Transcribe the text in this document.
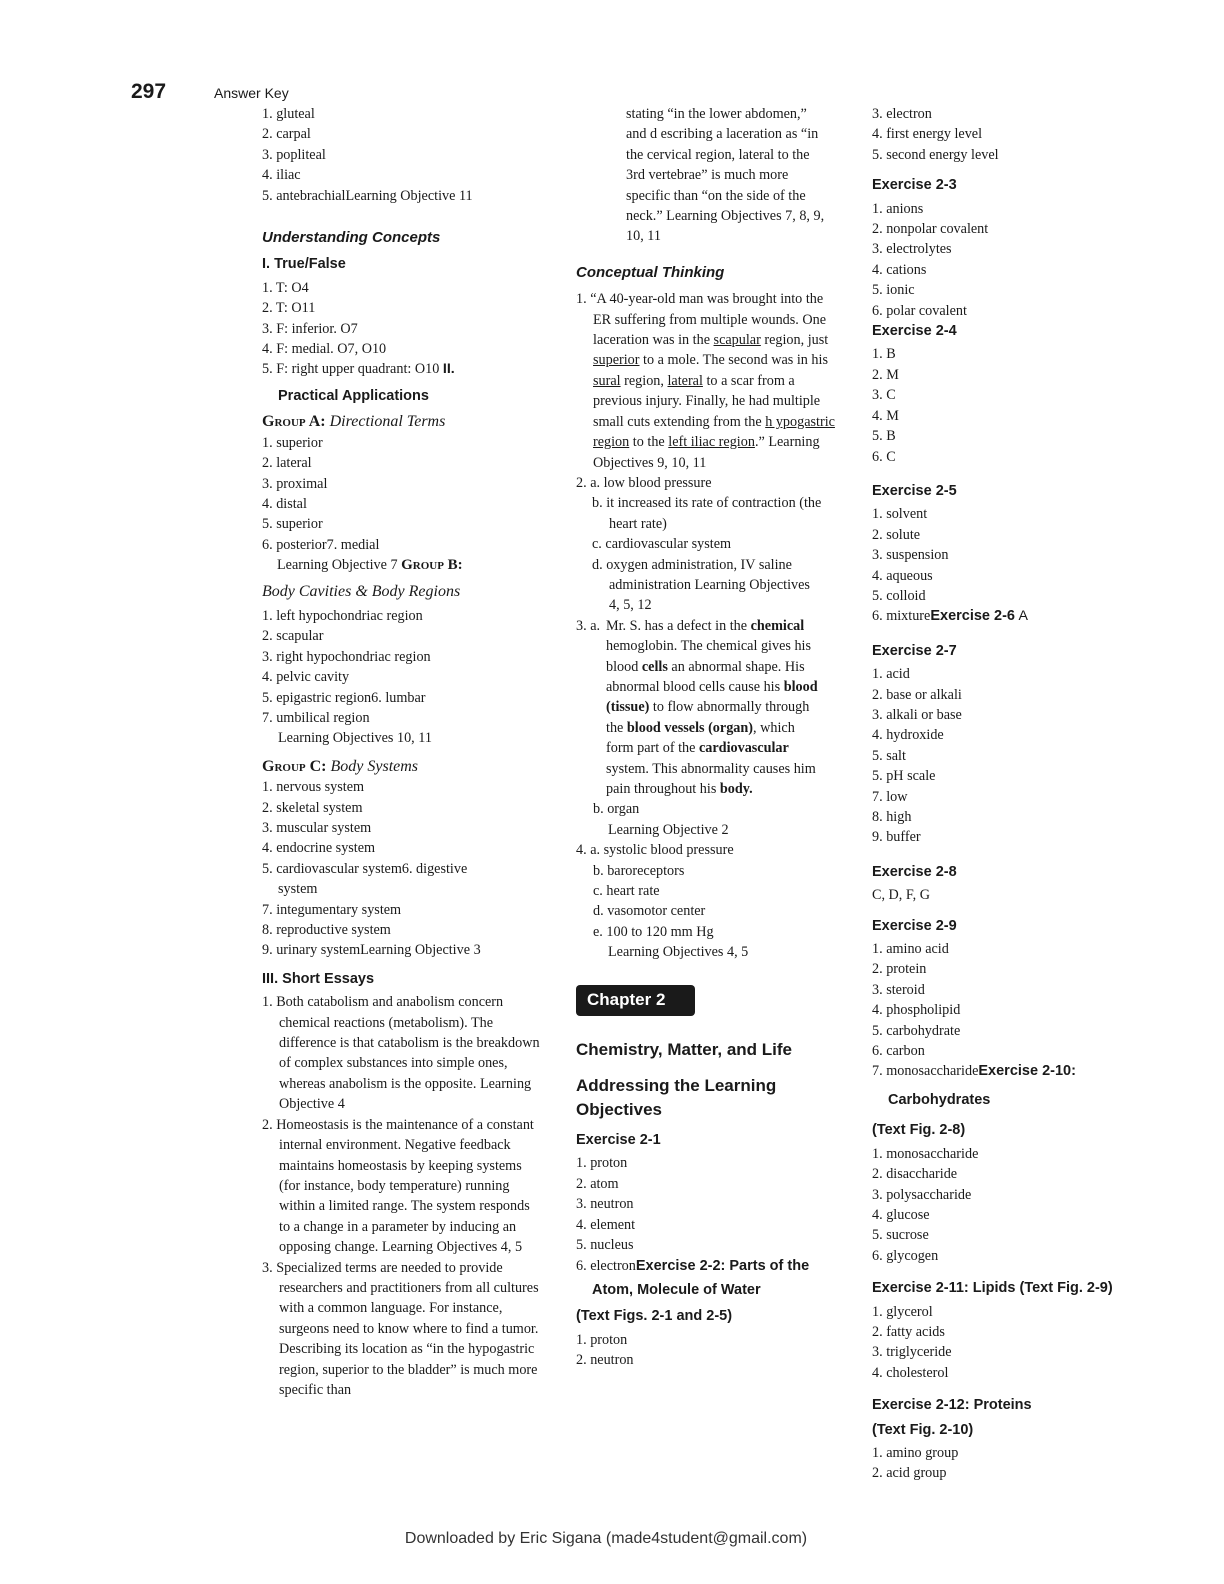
297	Answer Key
1. gluteal
2. carpal
3. popliteal
4. iliac
5. antebrachialLearning Objective 11
Understanding Concepts
I. True/False
1. T: O4
2. T: O11
3. F: inferior. O7
4. F: medial. O7, O10
5. F: right upper quadrant: O10 II.
Practical Applications
Group A: Directional Terms
1. superior
2. lateral
3. proximal
4. distal
5. superior
6. posterior7. medial
Learning Objective 7 Group B:
Body Cavities & Body Regions
1. left hypochondriac region
2. scapular
3. right hypochondriac region
4. pelvic cavity
5. epigastric region6. lumbar
7. umbilical region
Learning Objectives 10, 11
Group C: Body Systems
1. nervous system
2. skeletal system
3. muscular system
4. endocrine system
5. cardiovascular system6. digestive
system
7. integumentary system
8. reproductive system
9. urinary systemLearning Objective 3
III. Short Essays
1. Both catabolism and anabolism concern chemical reactions (metabolism). The difference is that catabolism is the breakdown of complex substances into simple ones, whereas anabolism is the opposite. Learning Objective 4
2. Homeostasis is the maintenance of a constant internal environment. Negative feedback maintains homeostasis by keeping systems (for instance, body temperature) running within a limited range. The system responds to a change in a parameter by inducing an opposing change. Learning Objectives 4, 5
3. Specialized terms are needed to provide researchers and practitioners from all cultures with a common language. For instance, surgeons need to know where to find a tumor. Describing its location as “in the hypogastric region, superior to the bladder” is much more specific than
stating “in the lower abdomen,” and d escribing a laceration as “in the cervical region, lateral to the 3rd vertebrae” is much more specific than “on the side of the neck.” Learning Objectives 7, 8, 9, 10, 11
Conceptual Thinking
1. “A 40-year-old man was brought into the ER suffering from multiple wounds. One laceration was in the scapular region, just superior to a mole. The second was in his sural region, lateral to a scar from a previous injury. Finally, he had multiple small cuts extending from the h ypogastric region to the left iliac region.” Learning Objectives 9, 10, 11
2. a. low blood pressure
b. it increased its rate of contraction (the heart rate)
c. cardiovascular system
d. oxygen administration, IV saline administration Learning Objectives 4, 5, 12
3. a. Mr. S. has a defect in the chemical hemoglobin. The chemical gives his blood cells an abnormal shape. His abnormal blood cells cause his blood (tissue) to flow abnormally through the blood vessels (organ), which form part of the cardiovascular system. This abnormality causes him pain throughout his body.
b. organ
Learning Objective 2
4. a. systolic blood pressure
b. baroreceptors
c. heart rate
d. vasomotor center
e. 100 to 120 mm Hg
Learning Objectives 4, 5
Chapter 2
Chemistry, Matter, and Life
Addressing the Learning Objectives
Exercise 2-1
1. proton
2. atom
3. neutron
4. element
5. nucleus
6. electronExercise 2-2: Parts of the
Atom, Molecule of Water
(Text Figs. 2-1 and 2-5)
1. proton
2. neutron
3. electron
4. first energy level
5. second energy level
Exercise 2-3
1. anions
2. nonpolar covalent
3. electrolytes
4. cations
5. ionic
6. polar covalent
Exercise 2-4
1. B
2. M
3. C
4. M
5. B
6. C
Exercise 2-5
1. solvent
2. solute
3. suspension
4. aqueous
5. colloid
6. mixtureExercise 2-6 A
Exercise 2-7
1. acid
2. base or alkali
3. alkali or base
4. hydroxide
5. salt
5. pH scale
7. low
8. high
9. buffer
Exercise 2-8
C, D, F, G
Exercise 2-9
1. amino acid
2. protein
3. steroid
4. phospholipid
5. carbohydrate
6. carbon
7. monosaccharideExercise 2-10:
Carbohydrates
(Text Fig. 2-8)
1. monosaccharide
2. disaccharide
3. polysaccharide
4. glucose
5. sucrose
6. glycogen
Exercise 2-11: Lipids (Text Fig. 2-9)
1. glycerol
2. fatty acids
3. triglyceride
4. cholesterol
Exercise 2-12: Proteins
(Text Fig. 2-10)
1. amino group
2. acid group
Downloaded by Eric Sigana (made4student@gmail.com)
